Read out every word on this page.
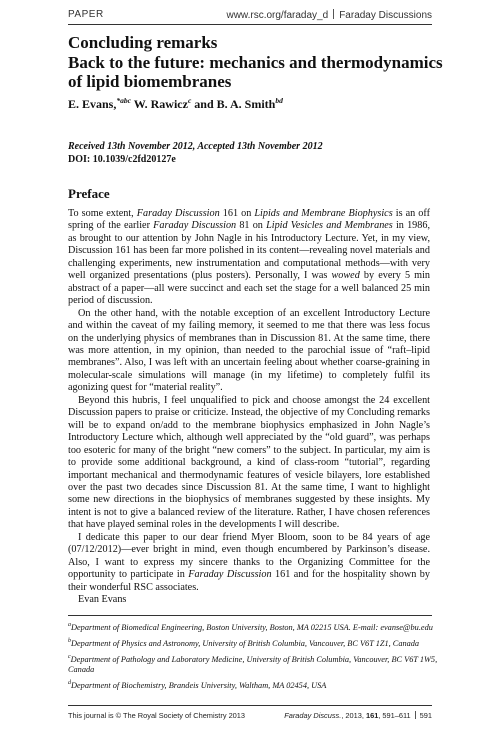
PAPER	www.rsc.org/faraday_d Faraday Discussions
Concluding remarks
Back to the future: mechanics and thermodynamics of lipid biomembranes
E. Evans,$^{*abc}$ W. Rawicz$^c$ and B. A. Smith$^{bd}$
Received 13th November 2012, Accepted 13th November 2012
DOI: 10.1039/c2fd20127e
Preface

To some extent, Faraday Discussion 161 on Lipids and Membrane Biophysics is an off spring of the earlier Faraday Discussion 81 on Lipid Vesicles and Membranes in 1986, as brought to our attention by John Nagle in his Introductory Lecture. Yet, in my view, Discussion 161 has been far more polished in its content—revealing novel materials and challenging experiments, new instrumentation and computational methods—with very well organized presentations (plus posters). Personally, I was wowed by every 5 min abstract of a paper—all were succinct and each set the stage for a well balanced 25 min period of discussion.

On the other hand, with the notable exception of an excellent Introductory Lecture and within the caveat of my failing memory, it seemed to me that there was less focus on the underlying physics of membranes than in Discussion 81. At the same time, there was more attention, in my opinion, than needed to the parochial issue of “raft–lipid membranes”. Also, I was left with an uncertain feeling about whether coarse-graining in molecular-scale simulations will manage (in my lifetime) to completely fulfil its agonizing quest for “material reality”.

Beyond this hubris, I feel unqualified to pick and choose amongst the 24 excellent Discussion papers to praise or criticize. Instead, the objective of my Concluding remarks will be to expand on/add to the membrane biophysics emphasized in John Nagle’s Introductory Lecture which, although well appreciated by the “old guard”, was perhaps too esoteric for many of the bright “new comers” to the subject. In particular, my aim is to provide some additional background, a kind of class-room “tutorial”, regarding important mechanical and thermodynamic features of vesicle bilayers, lore established over the past two decades since Discussion 81. At the same time, I want to highlight some new directions in the biophysics of membranes suggested by these insights. My intent is not to give a balanced review of the literature. Rather, I have chosen references that have played seminal roles in the developments I will describe.

I dedicate this paper to our dear friend Myer Bloom, soon to be 84 years of age (07/12/2012)—ever bright in mind, even though encumbered by Parkinson’s disease. Also, I want to express my sincere thanks to the Organizing Committee for the opportunity to participate in Faraday Discussion 161 and for the hospitality shown by their wonderful RSC associates.

Evan Evans

$^a$Department of Biomedical Engineering, Boston University, Boston, MA 02215 USA. E-mail: evanse@bu.edu
$^b$Department of Physics and Astronomy, University of British Columbia, Vancouver, BC V6T 1Z1, Canada
$^c$Department of Pathology and Laboratory Medicine, University of British Columbia, Vancouver, BC V6T 1W5, Canada
$^d$Department of Biochemistry, Brandeis University, Waltham, MA 02454, USA
This journal is © The Royal Society of Chemistry 2013	Faraday Discuss., 2013, 161, 591–611 591
